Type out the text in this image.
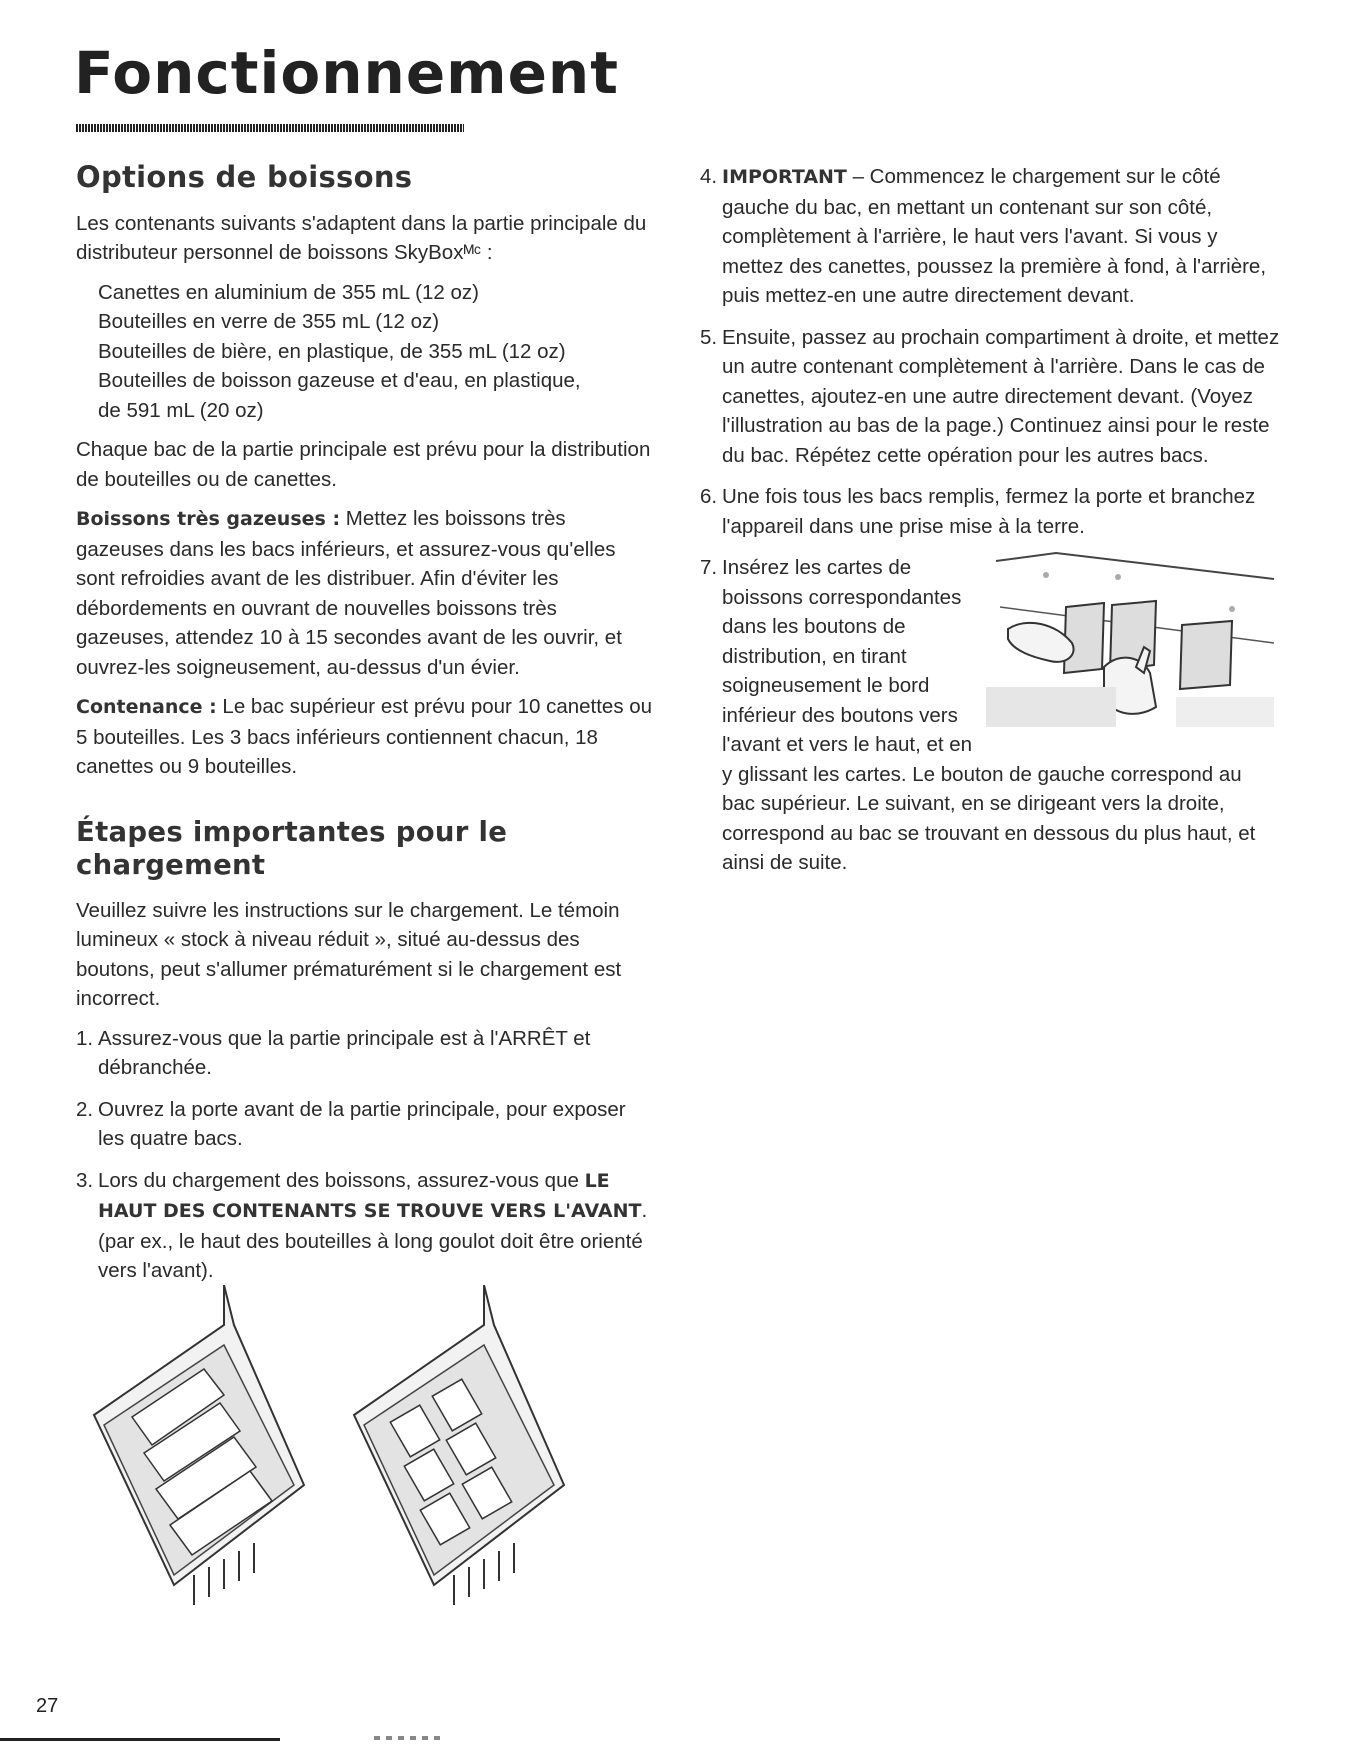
Fonctionnement
Options de boissons

Les contenants suivants s'adaptent dans la partie principale du distributeur personnel de boissons SkyBoxᴹᶜ :

Canettes en aluminium de 355 mL (12 oz)
Bouteilles en verre de 355 mL (12 oz)
Bouteilles de bière, en plastique, de 355 mL (12 oz)
Bouteilles de boisson gazeuse et d'eau, en plastique,
de 591 mL (20 oz)

Chaque bac de la partie principale est prévu pour la distribution de bouteilles ou de canettes.

Boissons très gazeuses : Mettez les boissons très gazeuses dans les bacs inférieurs, et assurez-vous qu'elles sont refroidies avant de les distribuer. Afin d'éviter les débordements en ouvrant de nouvelles boissons très gazeuses, attendez 10 à 15 secondes avant de les ouvrir, et ouvrez-les soigneusement, au-dessus d'un évier.

Contenance : Le bac supérieur est prévu pour 10 canettes ou 5 bouteilles. Les 3 bacs inférieurs contiennent chacun, 18 canettes ou 9 bouteilles.

Étapes importantes pour le chargement

Veuillez suivre les instructions sur le chargement. Le témoin lumineux « stock à niveau réduit », situé au-dessus des boutons, peut s'allumer prématurément si le chargement est incorrect.

1. Assurez-vous que la partie principale est à l'ARRÊT et débranchée.
2. Ouvrez la porte avant de la partie principale, pour exposer les quatre bacs.
3. Lors du chargement des boissons, assurez-vous que LE HAUT DES CONTENANTS SE TROUVE VERS L'AVANT. (par ex., le haut des bouteilles à long goulot doit être orienté vers l'avant).
4. IMPORTANT – Commencez le chargement sur le côté gauche du bac, en mettant un contenant sur son côté, complètement à l'arrière, le haut vers l'avant. Si vous y mettez des canettes, poussez la première à fond, à l'arrière, puis mettez-en une autre directement devant.
5. Ensuite, passez au prochain compartiment à droite, et mettez un autre contenant complètement à l'arrière. Dans le cas de canettes, ajoutez-en une autre directement devant. (Voyez l'illustration au bas de la page.) Continuez ainsi pour le reste du bac. Répétez cette opération pour les autres bacs.
6. Une fois tous les bacs remplis, fermez la porte et branchez l'appareil dans une prise mise à la terre.
7. Insérez les cartes de boissons correspondantes dans les boutons de distribution, en tirant soigneusement le bord inférieur des boutons vers l'avant et vers le haut, et en
y glissant les cartes. Le bouton de gauche correspond au bac supérieur. Le suivant, en se dirigeant vers la droite, correspond au bac se trouvant en dessous du plus haut, et ainsi de suite.
27
